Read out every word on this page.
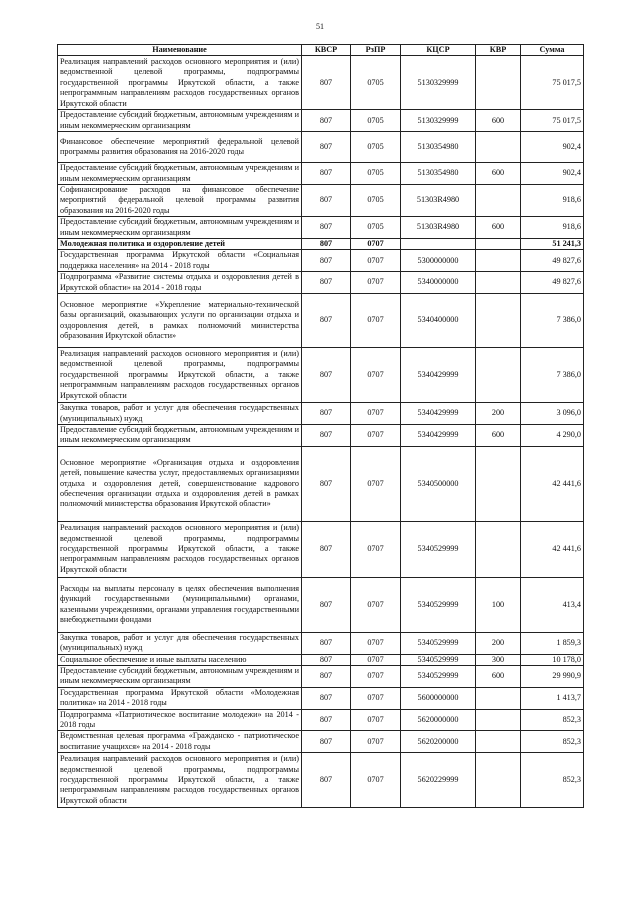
51
Наименование	КВСР	РзПР	КЦСР	КВР	Сумма
Реализация направлений расходов основного мероприятия и (или) ведомственной целевой программы, подпрограммы государственной программы Иркутской области, а также непрограммным направлениям расходов государственных органов Иркутской области	807	0705	5130329999		75 017,5
Предоставление субсидий бюджетным, автономным учреждениям и иным некоммерческим организациям	807	0705	5130329999	600	75 017,5
Финансовое обеспечение мероприятий федеральной целевой программы развития образования на 2016-2020 годы	807	0705	5130354980		902,4
Предоставление субсидий бюджетным, автономным учреждениям и иным некоммерческим организациям	807	0705	5130354980	600	902,4
Софинансирование расходов на финансовое обеспечение мероприятий федеральной целевой программы развития образования на 2016-2020 годы	807	0705	51303R4980		918,6
Предоставление субсидий бюджетным, автономным учреждениям и иным некоммерческим организациям	807	0705	51303R4980	600	918,6
Молодежная политика и оздоровление детей	807	0707			51 241,3
Государственная программа Иркутской области «Социальная поддержка населения» на 2014 - 2018 годы	807	0707	5300000000		49 827,6
Подпрограмма «Развитие системы отдыха и оздоровления детей в Иркутской области» на 2014 - 2018 годы	807	0707	5340000000		49 827,6
Основное мероприятие «Укрепление материально-технической базы организаций, оказывающих услуги по организации отдыха и оздоровления детей, в рамках полномочий министерства образования Иркутской области»	807	0707	5340400000		7 386,0
Реализация направлений расходов основного мероприятия и (или) ведомственной целевой программы, подпрограммы государственной программы Иркутской области, а также непрограммным направлениям расходов государственных органов Иркутской области	807	0707	5340429999		7 386,0
Закупка товаров, работ и услуг для обеспечения государственных (муниципальных) нужд	807	0707	5340429999	200	3 096,0
Предоставление субсидий бюджетным, автономным учреждениям и иным некоммерческим организациям	807	0707	5340429999	600	4 290,0
Основное мероприятие «Организация отдыха и оздоровления детей, повышение качества услуг, предоставляемых организациями отдыха и оздоровления детей, совершенствование кадрового обеспечения организации отдыха и оздоровления детей в рамках полномочий министерства образования Иркутской области»	807	0707	5340500000		42 441,6
Реализация направлений расходов основного мероприятия и (или) ведомственной целевой программы, подпрограммы государственной программы Иркутской области, а также непрограммным направлениям расходов государственных органов Иркутской области	807	0707	5340529999		42 441,6
Расходы на выплаты персоналу в целях обеспечения выполнения функций государственными (муниципальными) органами, казенными учреждениями, органами управления государственными внебюджетными фондами	807	0707	5340529999	100	413,4
Закупка товаров, работ и услуг для обеспечения государственных (муниципальных) нужд	807	0707	5340529999	200	1 859,3
Социальное обеспечение и иные выплаты населению	807	0707	5340529999	300	10 178,0
Предоставление субсидий бюджетным, автономным учреждениям и иным некоммерческим организациям	807	0707	5340529999	600	29 990,9
Государственная программа Иркутской области «Молодежная политика» на 2014 - 2018 годы	807	0707	5600000000		1 413,7
Подпрограмма «Патриотическое воспитание молодежи» на 2014 - 2018 годы	807	0707	5620000000		852,3
Ведомственная целевая программа «Гражданско - патриотическое воспитание учащихся» на 2014 - 2018 годы	807	0707	5620200000		852,3
Реализация направлений расходов основного мероприятия и (или) ведомственной целевой программы, подпрограммы государственной программы Иркутской области, а также непрограммным направлениям расходов государственных органов Иркутской области	807	0707	5620229999		852,3
